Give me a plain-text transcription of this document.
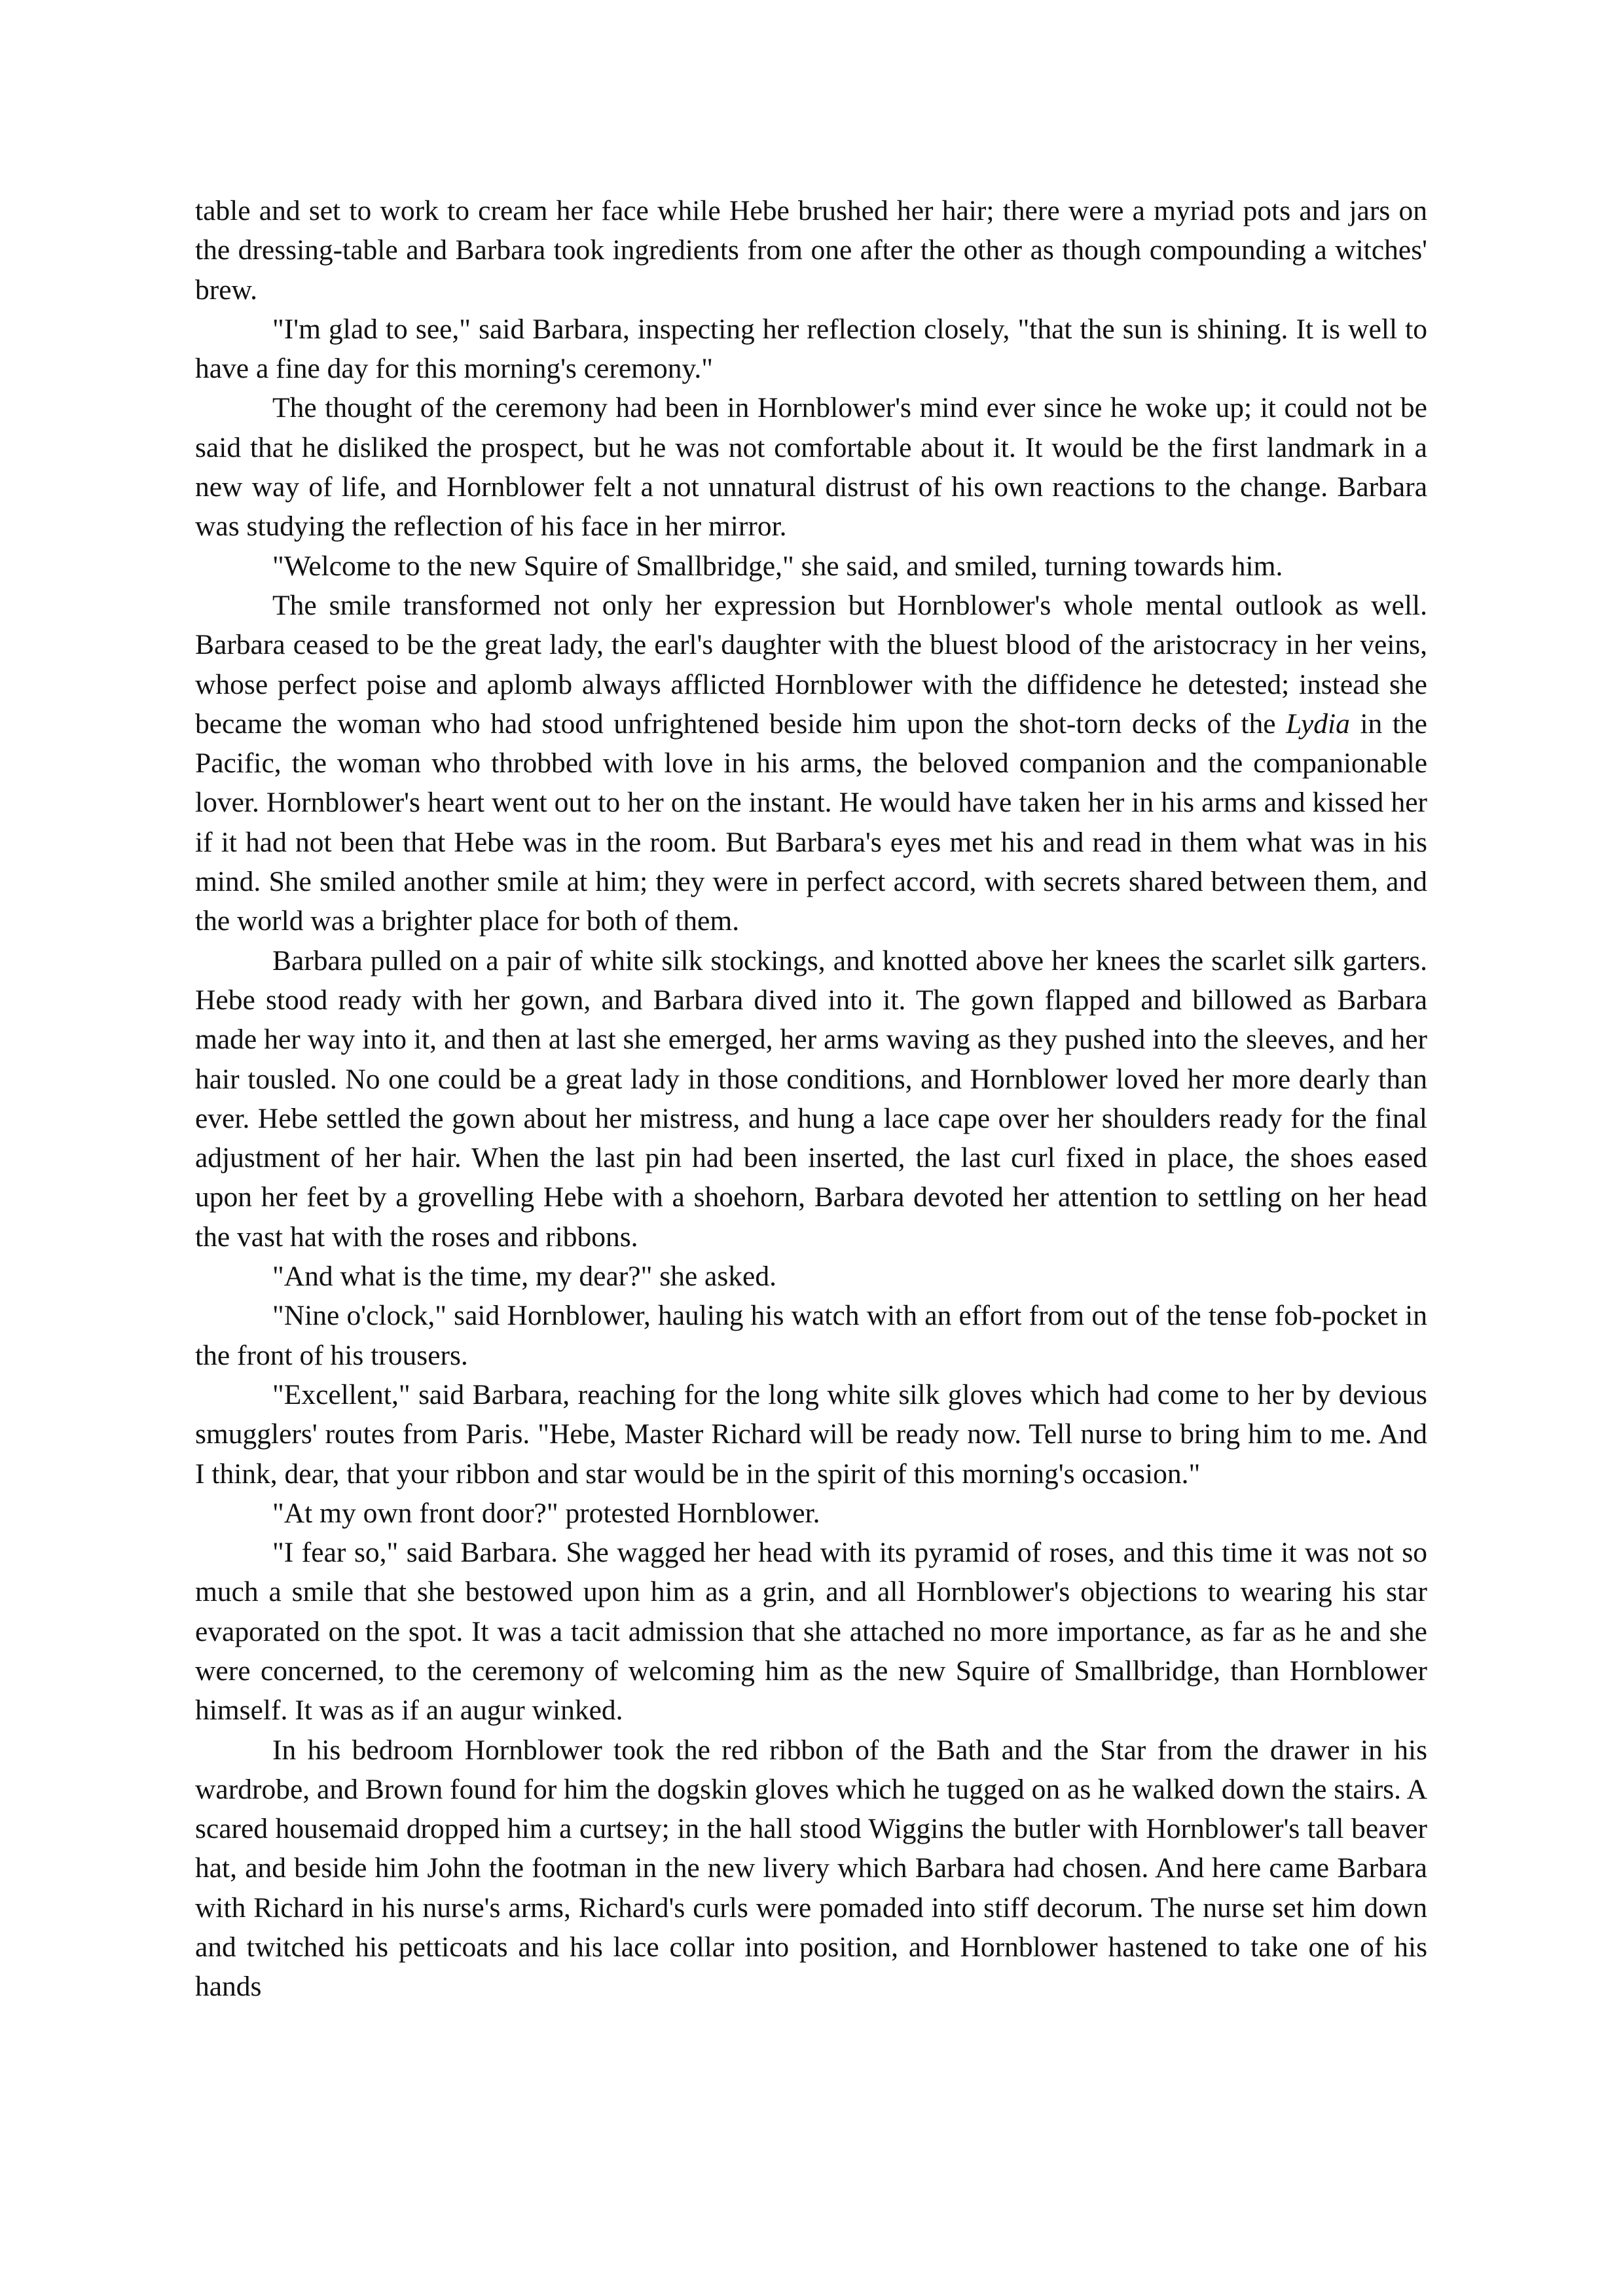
table and set to work to cream her face while Hebe brushed her hair; there were a myriad pots and jars on the dressing-table and Barbara took ingredients from one after the other as though compounding a witches' brew.

"I'm glad to see," said Barbara, inspecting her reflection closely, "that the sun is shining. It is well to have a fine day for this morning's ceremony."

The thought of the ceremony had been in Hornblower's mind ever since he woke up; it could not be said that he disliked the prospect, but he was not comfortable about it. It would be the first landmark in a new way of life, and Hornblower felt a not unnatural distrust of his own reactions to the change. Barbara was studying the reflection of his face in her mirror.

"Welcome to the new Squire of Smallbridge," she said, and smiled, turning towards him.

The smile transformed not only her expression but Hornblower's whole mental outlook as well. Barbara ceased to be the great lady, the earl's daughter with the bluest blood of the aristocracy in her veins, whose perfect poise and aplomb always afflicted Hornblower with the diffidence he detested; instead she became the woman who had stood unfrightened beside him upon the shot-torn decks of the Lydia in the Pacific, the woman who throbbed with love in his arms, the beloved companion and the companionable lover. Hornblower's heart went out to her on the instant. He would have taken her in his arms and kissed her if it had not been that Hebe was in the room. But Barbara's eyes met his and read in them what was in his mind. She smiled another smile at him; they were in perfect accord, with secrets shared between them, and the world was a brighter place for both of them.

Barbara pulled on a pair of white silk stockings, and knotted above her knees the scarlet silk garters. Hebe stood ready with her gown, and Barbara dived into it. The gown flapped and billowed as Barbara made her way into it, and then at last she emerged, her arms waving as they pushed into the sleeves, and her hair tousled. No one could be a great lady in those conditions, and Hornblower loved her more dearly than ever. Hebe settled the gown about her mistress, and hung a lace cape over her shoulders ready for the final adjustment of her hair. When the last pin had been inserted, the last curl fixed in place, the shoes eased upon her feet by a grovelling Hebe with a shoehorn, Barbara devoted her attention to settling on her head the vast hat with the roses and ribbons.

"And what is the time, my dear?" she asked.

"Nine o'clock," said Hornblower, hauling his watch with an effort from out of the tense fob-pocket in the front of his trousers.

"Excellent," said Barbara, reaching for the long white silk gloves which had come to her by devious smugglers' routes from Paris. "Hebe, Master Richard will be ready now. Tell nurse to bring him to me. And I think, dear, that your ribbon and star would be in the spirit of this morning's occasion."

"At my own front door?" protested Hornblower.

"I fear so," said Barbara. She wagged her head with its pyramid of roses, and this time it was not so much a smile that she bestowed upon him as a grin, and all Hornblower's objections to wearing his star evaporated on the spot. It was a tacit admission that she attached no more importance, as far as he and she were concerned, to the ceremony of welcoming him as the new Squire of Smallbridge, than Hornblower himself. It was as if an augur winked.

In his bedroom Hornblower took the red ribbon of the Bath and the Star from the drawer in his wardrobe, and Brown found for him the dogskin gloves which he tugged on as he walked down the stairs. A scared housemaid dropped him a curtsey; in the hall stood Wiggins the butler with Hornblower's tall beaver hat, and beside him John the footman in the new livery which Barbara had chosen. And here came Barbara with Richard in his nurse's arms, Richard's curls were pomaded into stiff decorum. The nurse set him down and twitched his petticoats and his lace collar into position, and Hornblower hastened to take one of his hands
